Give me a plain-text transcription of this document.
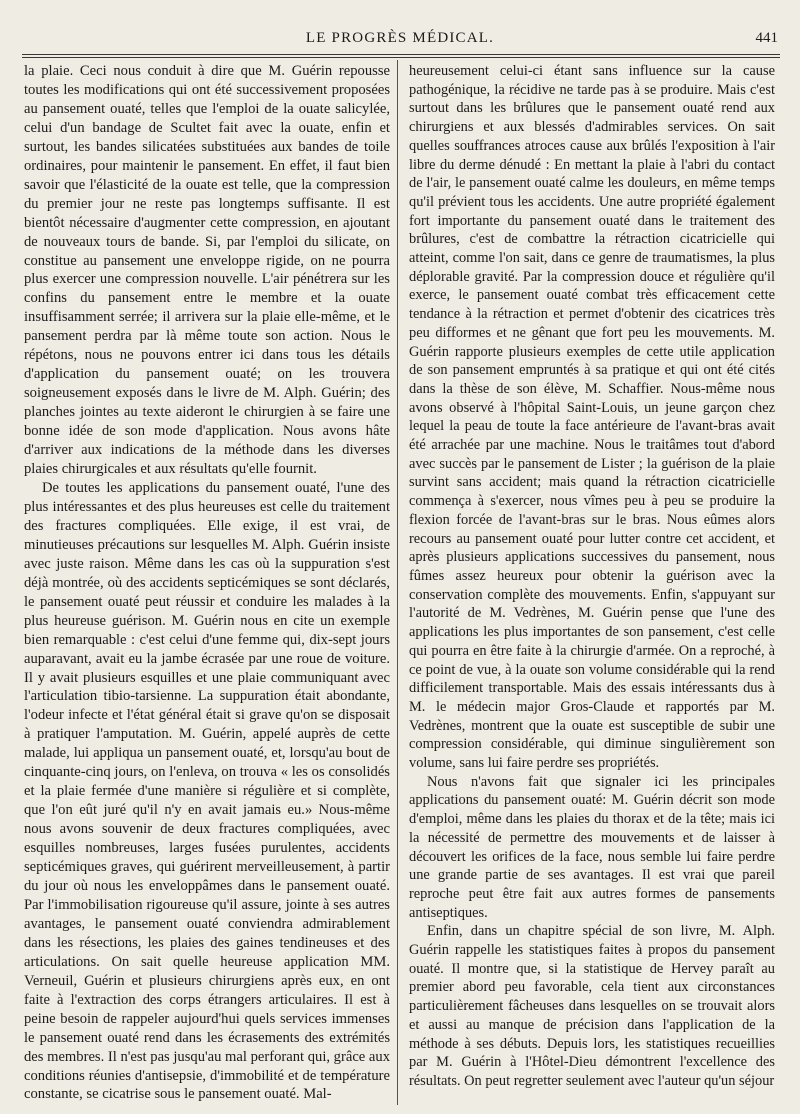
LE PROGRÈS MÉDICAL.	441

la plaie. Ceci nous conduit à dire que M. Guérin repousse toutes les modifications qui ont été successivement proposées au pansement ouaté, telles que l'emploi de la ouate salicylée, celui d'un bandage de Scultet fait avec la ouate, enfin et surtout, les bandes silicatées substituées aux bandes de toile ordinaires, pour maintenir le pansement. En effet, il faut bien savoir que l'élasticité de la ouate est telle, que la compression du premier jour ne reste pas longtemps suffisante. Il est bientôt nécessaire d'augmenter cette compression, en ajoutant de nouveaux tours de bande. Si, par l'emploi du silicate, on constitue au pansement une enveloppe rigide, on ne pourra plus exercer une compression nouvelle. L'air pénétrera sur les confins du pansement entre le membre et la ouate insuffisamment serrée; il arrivera sur la plaie elle-même, et le pansement perdra par là même toute son action. Nous le répétons, nous ne pouvons entrer ici dans tous les détails d'application du pansement ouaté; on les trouvera soigneusement exposés dans le livre de M. Alph. Guérin; des planches jointes au texte aideront le chirurgien à se faire une bonne idée de son mode d'application. Nous avons hâte d'arriver aux indications de la méthode dans les diverses plaies chirurgicales et aux résultats qu'elle fournit.

De toutes les applications du pansement ouaté, l'une des plus intéressantes et des plus heureuses est celle du traitement des fractures compliquées. Elle exige, il est vrai, de minutieuses précautions sur lesquelles M. Alph. Guérin insiste avec juste raison. Même dans les cas où la suppuration s'est déjà montrée, où des accidents septicémiques se sont déclarés, le pansement ouaté peut réussir et conduire les malades à la plus heureuse guérison. M. Guérin nous en cite un exemple bien remarquable : c'est celui d'une femme qui, dix-sept jours auparavant, avait eu la jambe écrasée par une roue de voiture. Il y avait plusieurs esquilles et une plaie communiquant avec l'articulation tibio-tarsienne. La suppuration était abondante, l'odeur infecte et l'état général était si grave qu'on se disposait à pratiquer l'amputation. M. Guérin, appelé auprès de cette malade, lui appliqua un pansement ouaté, et, lorsqu'au bout de cinquante-cinq jours, on l'enleva, on trouva « les os consolidés et la plaie fermée d'une manière si régulière et si complète, que l'on eût juré qu'il n'y en avait jamais eu.» Nous-même nous avons souvenir de deux fractures compliquées, avec esquilles nombreuses, larges fusées purulentes, accidents septicémiques graves, qui guérirent merveilleusement, à partir du jour où nous les enveloppâmes dans le pansement ouaté. Par l'immobilisation rigoureuse qu'il assure, jointe à ses autres avantages, le pansement ouaté conviendra admirablement dans les résections, les plaies des gaines tendineuses et des articulations. On sait quelle heureuse application MM. Verneuil, Guérin et plusieurs chirurgiens après eux, en ont faite à l'extraction des corps étrangers articulaires. Il est à peine besoin de rappeler aujourd'hui quels services immenses le pansement ouaté rend dans les écrasements des extrémités des membres. Il n'est pas jusqu'au mal perforant qui, grâce aux conditions réunies d'antisepsie, d'immobilité et de température constante, se cicatrise sous le pansement ouaté. Mal-

heureusement celui-ci étant sans influence sur la cause pathogénique, la récidive ne tarde pas à se produire. Mais c'est surtout dans les brûlures que le pansement ouaté rend aux chirurgiens et aux blessés d'admirables services. On sait quelles souffrances atroces cause aux brûlés l'exposition à l'air libre du derme dénudé : En mettant la plaie à l'abri du contact de l'air, le pansement ouaté calme les douleurs, en même temps qu'il prévient tous les accidents. Une autre propriété également fort importante du pansement ouaté dans le traitement des brûlures, c'est de combattre la rétraction cicatricielle qui atteint, comme l'on sait, dans ce genre de traumatismes, la plus déplorable gravité. Par la compression douce et régulière qu'il exerce, le pansement ouaté combat très efficacement cette tendance à la rétraction et permet d'obtenir des cicatrices très peu difformes et ne gênant que fort peu les mouvements. M. Guérin rapporte plusieurs exemples de cette utile application de son pansement empruntés à sa pratique et qui ont été cités dans la thèse de son élève, M. Schaffier. Nous-même nous avons observé à l'hôpital Saint-Louis, un jeune garçon chez lequel la peau de toute la face antérieure de l'avant-bras avait été arrachée par une machine. Nous le traitâmes tout d'abord avec succès par le pansement de Lister ; la guérison de la plaie survint sans accident; mais quand la rétraction cicatricielle commença à s'exercer, nous vîmes peu à peu se produire la flexion forcée de l'avant-bras sur le bras. Nous eûmes alors recours au pansement ouaté pour lutter contre cet accident, et après plusieurs applications successives du pansement, nous fûmes assez heureux pour obtenir la guérison avec la conservation complète des mouvements. Enfin, s'appuyant sur l'autorité de M. Vedrènes, M. Guérin pense que l'une des applications les plus importantes de son pansement, c'est celle qui pourra en être faite à la chirurgie d'armée. On a reproché, à ce point de vue, à la ouate son volume considérable qui la rend difficilement transportable. Mais des essais intéressants dus à M. le médecin major Gros-Claude et rapportés par M. Vedrènes, montrent que la ouate est susceptible de subir une compression considérable, qui diminue singulièrement son volume, sans lui faire perdre ses propriétés.

Nous n'avons fait que signaler ici les principales applications du pansement ouaté: M. Guérin décrit son mode d'emploi, même dans les plaies du thorax et de la tête; mais ici la nécessité de permettre des mouvements et de laisser à découvert les orifices de la face, nous semble lui faire perdre une grande partie de ses avantages. Il est vrai que pareil reproche peut être fait aux autres formes de pansements antiseptiques.

Enfin, dans un chapitre spécial de son livre, M. Alph. Guérin rappelle les statistiques faites à propos du pansement ouaté. Il montre que, si la statistique de Hervey paraît au premier abord peu favorable, cela tient aux circonstances particulièrement fâcheuses dans lesquelles on se trouvait alors et aussi au manque de précision dans l'application de la méthode à ses débuts. Depuis lors, les statistiques recueillies par M. Guérin à l'Hôtel-Dieu démontrent l'excellence des résultats. On peut regretter seulement avec l'auteur qu'un séjour
